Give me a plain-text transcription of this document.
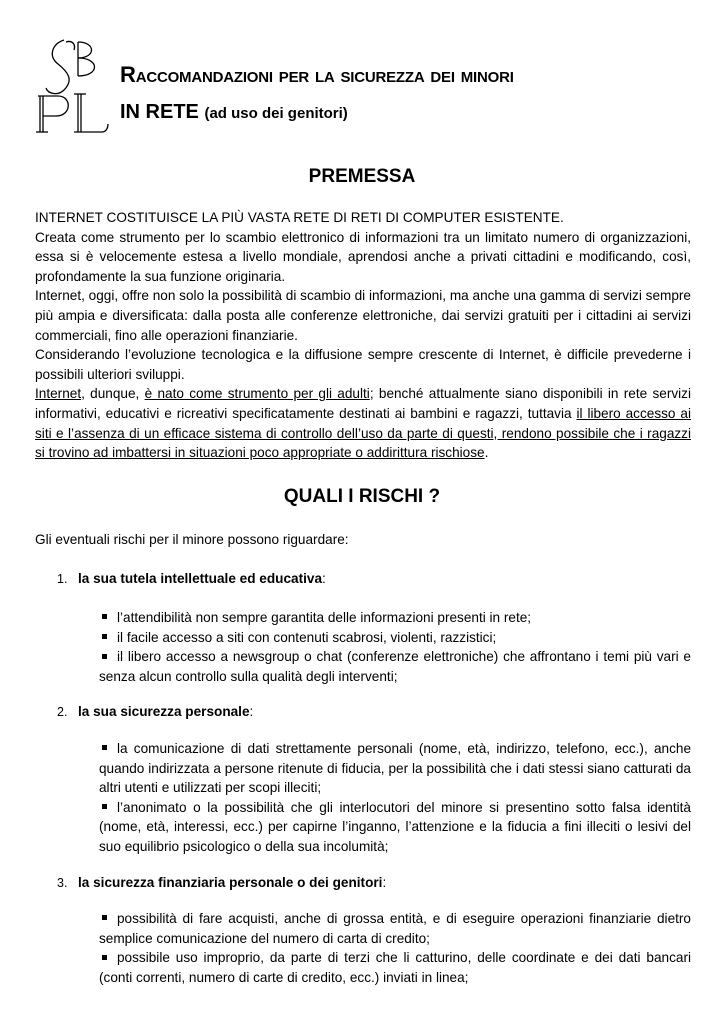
Raccomandazioni per la sicurezza dei minori

IN RETE (ad uso dei genitori)

PREMESSA

INTERNET COSTITUISCE LA PIÙ VASTA RETE DI RETI DI COMPUTER ESISTENTE.

Creata come strumento per lo scambio elettronico di informazioni tra un limitato numero di organizzazioni, essa si è velocemente estesa a livello mondiale, aprendosi anche a privati cittadini e modificando, così, profondamente la sua funzione originaria.

Internet, oggi, offre non solo la possibilità di scambio di informazioni, ma anche una gamma di servizi sempre più ampia e diversificata: dalla posta alle conferenze elettroniche, dai servizi gratuiti per i cittadini ai servizi commerciali, fino alle operazioni finanziarie.

Considerando l’evoluzione tecnologica e la diffusione sempre crescente di Internet, è difficile prevederne i possibili ulteriori sviluppi.

Internet, dunque, è nato come strumento per gli adulti; benché attualmente siano disponibili in rete servizi informativi, educativi e ricreativi specificatamente destinati ai bambini e ragazzi, tuttavia il libero accesso ai siti e l’assenza di un efficace sistema di controllo dell’uso da parte di questi, rendono possibile che i ragazzi si trovino ad imbattersi in situazioni poco appropriate o addirittura rischiose.

QUALI I RISCHI ?

Gli eventuali rischi per il minore possono riguardare:

1. la sua tutela intellettuale ed educativa:

l’attendibilità non sempre garantita delle informazioni presenti in rete;
il facile accesso a siti con contenuti scabrosi, violenti, razzistici;
il libero accesso a newsgroup o chat (conferenze elettroniche) che affrontano i temi più vari e senza alcun controllo sulla qualità degli interventi;

2. la sua sicurezza personale:

la comunicazione di dati strettamente personali (nome, età, indirizzo, telefono, ecc.), anche quando indirizzata a persone ritenute di fiducia, per la possibilità che i dati stessi siano catturati da altri utenti e utilizzati per scopi illeciti;
l’anonimato o la possibilità che gli interlocutori del minore si presentino sotto falsa identità (nome, età, interessi, ecc.) per capirne l’inganno, l’attenzione e la fiducia a fini illeciti o lesivi del suo equilibrio psicologico o della sua incolumità;

3. la sicurezza finanziaria personale o dei genitori:

possibilità di fare acquisti, anche di grossa entità, e di eseguire operazioni finanziarie dietro semplice comunicazione del numero di carta di credito;
possibile uso improprio, da parte di terzi che li catturino, delle coordinate e dei dati bancari (conti correnti, numero di carte di credito, ecc.) inviati in linea;
